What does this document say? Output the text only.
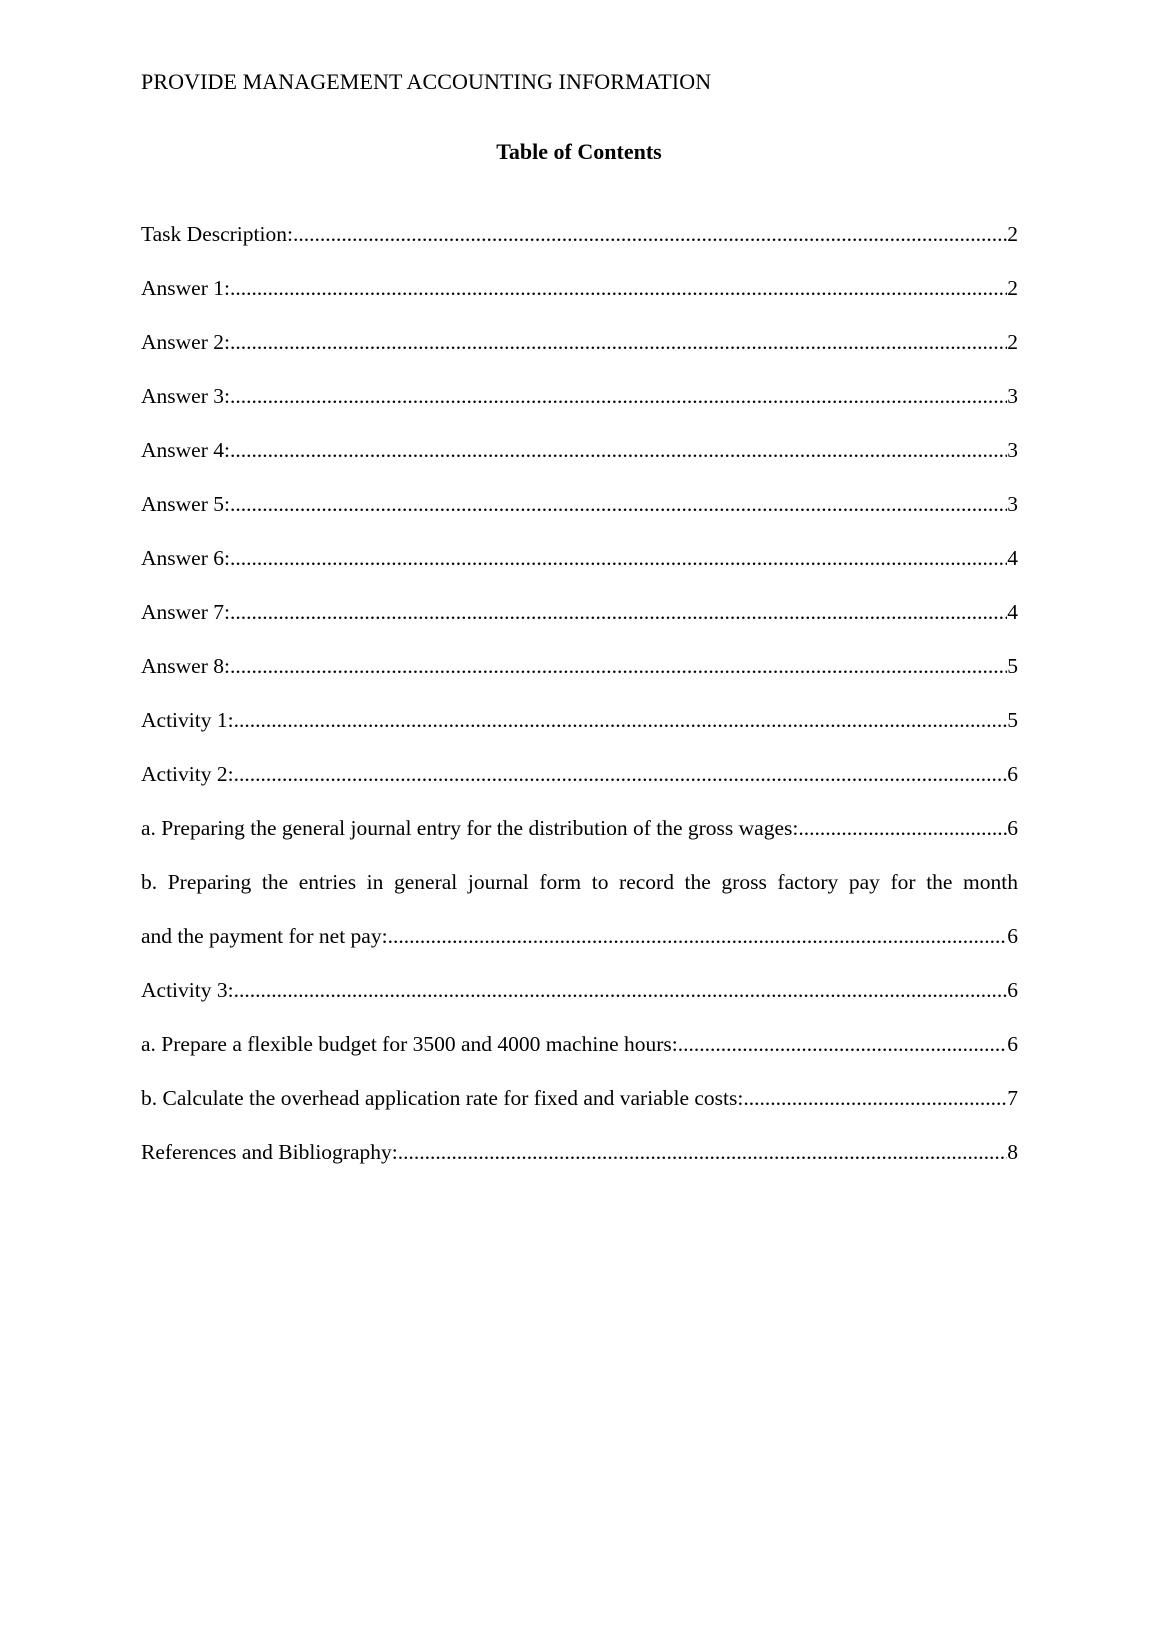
PROVIDE MANAGEMENT ACCOUNTING INFORMATION
Table of Contents
Task Description: .....	2
Answer 1: .....	2
Answer 2: .....	2
Answer 3: .....	3
Answer 4: .....	3
Answer 5: .....	3
Answer 6: .....	4
Answer 7: .....	4
Answer 8: .....	5
Activity 1: .....	5
Activity 2: .....	6
a. Preparing the general journal entry for the distribution of the gross wages: .....	6
b. Preparing the entries in general journal form to record the gross factory pay for the month
and the payment for net pay: .....	6
Activity 3: .....	6
a. Prepare a flexible budget for 3500 and 4000 machine hours: .....	6
b. Calculate the overhead application rate for fixed and variable costs: .....	7
References and Bibliography: .....	8
